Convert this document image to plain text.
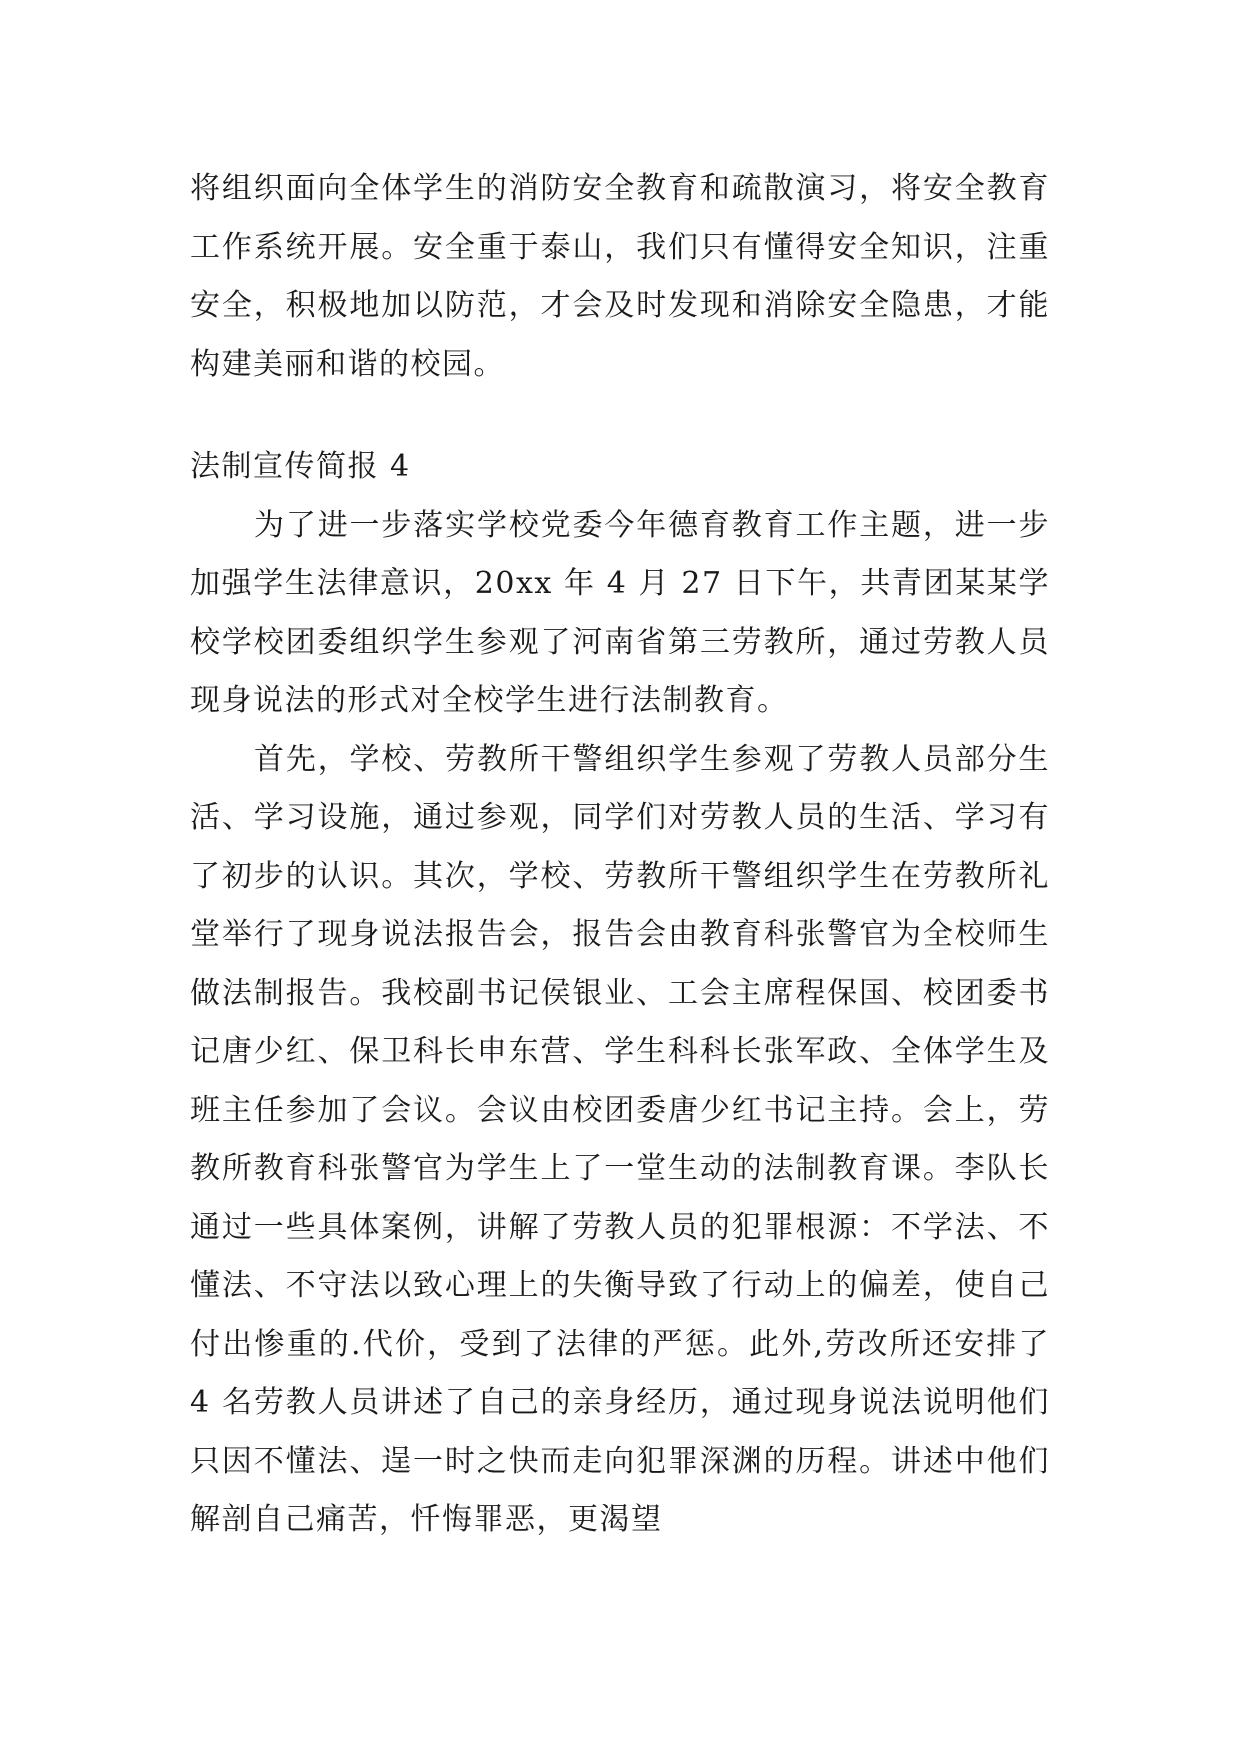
将组织面向全体学生的消防安全教育和疏散演习，将安全教育工作系统开展。安全重于泰山，我们只有懂得安全知识，注重安全，积极地加以防范，才会及时发现和消除安全隐患，才能构建美丽和谐的校园。

法制宣传简报 4

为了进一步落实学校党委今年德育教育工作主题，进一步加强学生法律意识，20xx 年 4 月 27 日下午，共青团某某学校学校团委组织学生参观了河南省第三劳教所，通过劳教人员现身说法的形式对全校学生进行法制教育。

首先，学校、劳教所干警组织学生参观了劳教人员部分生活、学习设施，通过参观，同学们对劳教人员的生活、学习有了初步的认识。其次，学校、劳教所干警组织学生在劳教所礼堂举行了现身说法报告会，报告会由教育科张警官为全校师生做法制报告。我校副书记侯银业、工会主席程保国、校团委书记唐少红、保卫科长申东营、学生科科长张军政、全体学生及班主任参加了会议。会议由校团委唐少红书记主持。会上，劳教所教育科张警官为学生上了一堂生动的法制教育课。李队长通过一些具体案例，讲解了劳教人员的犯罪根源：不学法、不懂法、不守法以致心理上的失衡导致了行动上的偏差，使自己付出惨重的.代价，受到了法律的严惩。此外,劳改所还安排了 4 名劳教人员讲述了自己的亲身经历，通过现身说法说明他们只因不懂法、逞一时之快而走向犯罪深渊的历程。讲述中他们解剖自己痛苦，忏悔罪恶，更渴望
